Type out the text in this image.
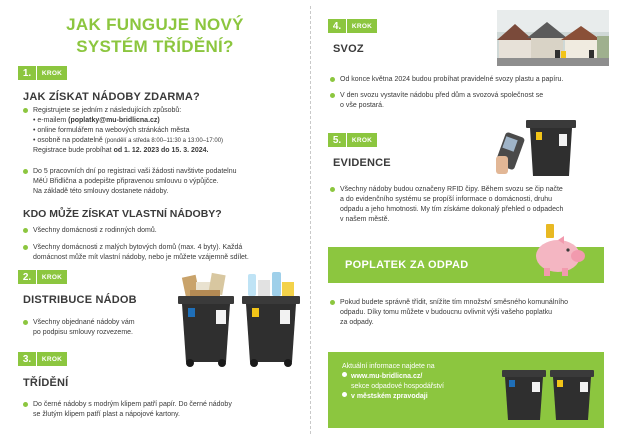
JAK FUNGUJE NOVÝ
SYSTÉM TŘÍDĚNÍ?
1.	KROK
JAK ZÍSKAT NÁDOBY ZDARMA?
Registrujete se jedním z následujících způsobů:
• e-mailem (poplatky@mu-bridlicna.cz)
• online formulářem na webových stránkách města
• osobně na podatelně (pondělí a středa 8:00–11:30 a 13:00–17:00)
Registrace bude probíhat od 1. 12. 2023 do 15. 3. 2024.
Do 5 pracovních dní po registraci vaši žádosti navštivte podatelnu
MěÚ Břidlična a podepište připravenou smlouvu o výpůjčce.
Na základě této smlouvy dostanete nádoby.
KDO MŮŽE ZÍSKAT VLASTNÍ NÁDOBY?
Všechny domácnosti z rodinných domů.
Všechny domácnosti z malých bytových domů (max. 4 byty). Každá
domácnost může mít vlastní nádoby, nebo je můžete vzájemně sdílet.
2.	KROK
DISTRIBUCE NÁDOB
Všechny objednané nádoby vám
po podpisu smlouvy rozvezeme.
3.	KROK
TŘÍDĚNÍ
Do černé nádoby s modrým klipem patří papír. Do černé nádoby
se žlutým klipem patří plast a nápojové kartony.
4.	KROK
SVOZ
Od konce května 2024 budou probíhat pravidelné svozy plastu a papíru.
V den svozu vystavíte nádobu před dům a svozová společnost se
o vše postará.
5.	KROK
EVIDENCE
Všechny nádoby budou označeny RFID čipy. Během svozu se čip načte
a do evidenčního systému se propíší informace o domácnosti, druhu
odpadu a jeho hmotnosti. My tím získáme dokonalý přehled o odpadech
v našem městě.
POPLATEK ZA ODPAD
Pokud budete správně třídit, snížíte tím množství směsného komunálního
odpadu. Díky tomu můžete v budoucnu ovlivnit výši vašeho poplatku
za odpady.
Aktuální informace najdete na
www.mu-bridlicna.cz/
sekce odpadové hospodářství
v městském zpravodaji
